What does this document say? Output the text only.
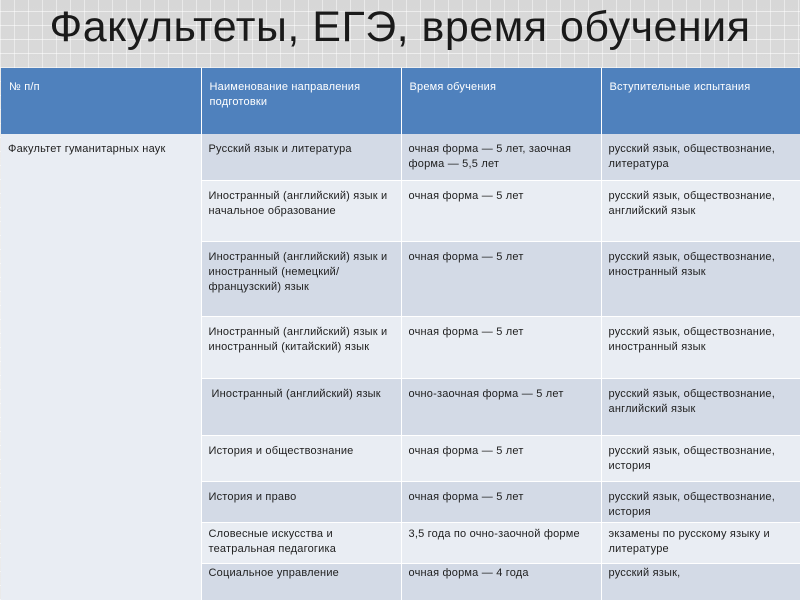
Факультеты, ЕГЭ, время обучения
№ п/п	Наименование направления подготовки	Время обучения	Вступительные испытания
Факультет гуманитарных наук	Русский язык и литература	очная форма — 5 лет, заочная форма — 5,5 лет	русский язык, обществознание, литература
	Иностранный (английский) язык и начальное образование	очная форма — 5 лет	русский язык, обществознание, английский язык
	Иностранный (английский) язык и иностранный (немецкий/французский) язык	очная форма — 5 лет	русский язык, обществознание, иностранный язык
	Иностранный (английский) язык и иностранный (китайский) язык	очная форма — 5 лет	русский язык, обществознание, иностранный язык
	Иностранный (английский) язык	очно-заочная форма — 5 лет	русский язык, обществознание, английский язык
	История и обществознание	очная форма — 5 лет	русский язык, обществознание, история
	История и право	очная форма — 5 лет	русский язык, обществознание, история
	Словесные искусства и театральная педагогика	3,5 года по очно-заочной форме	экзамены по русскому языку и литературе
	Социальное управление	очная форма — 4 года	русский язык,
